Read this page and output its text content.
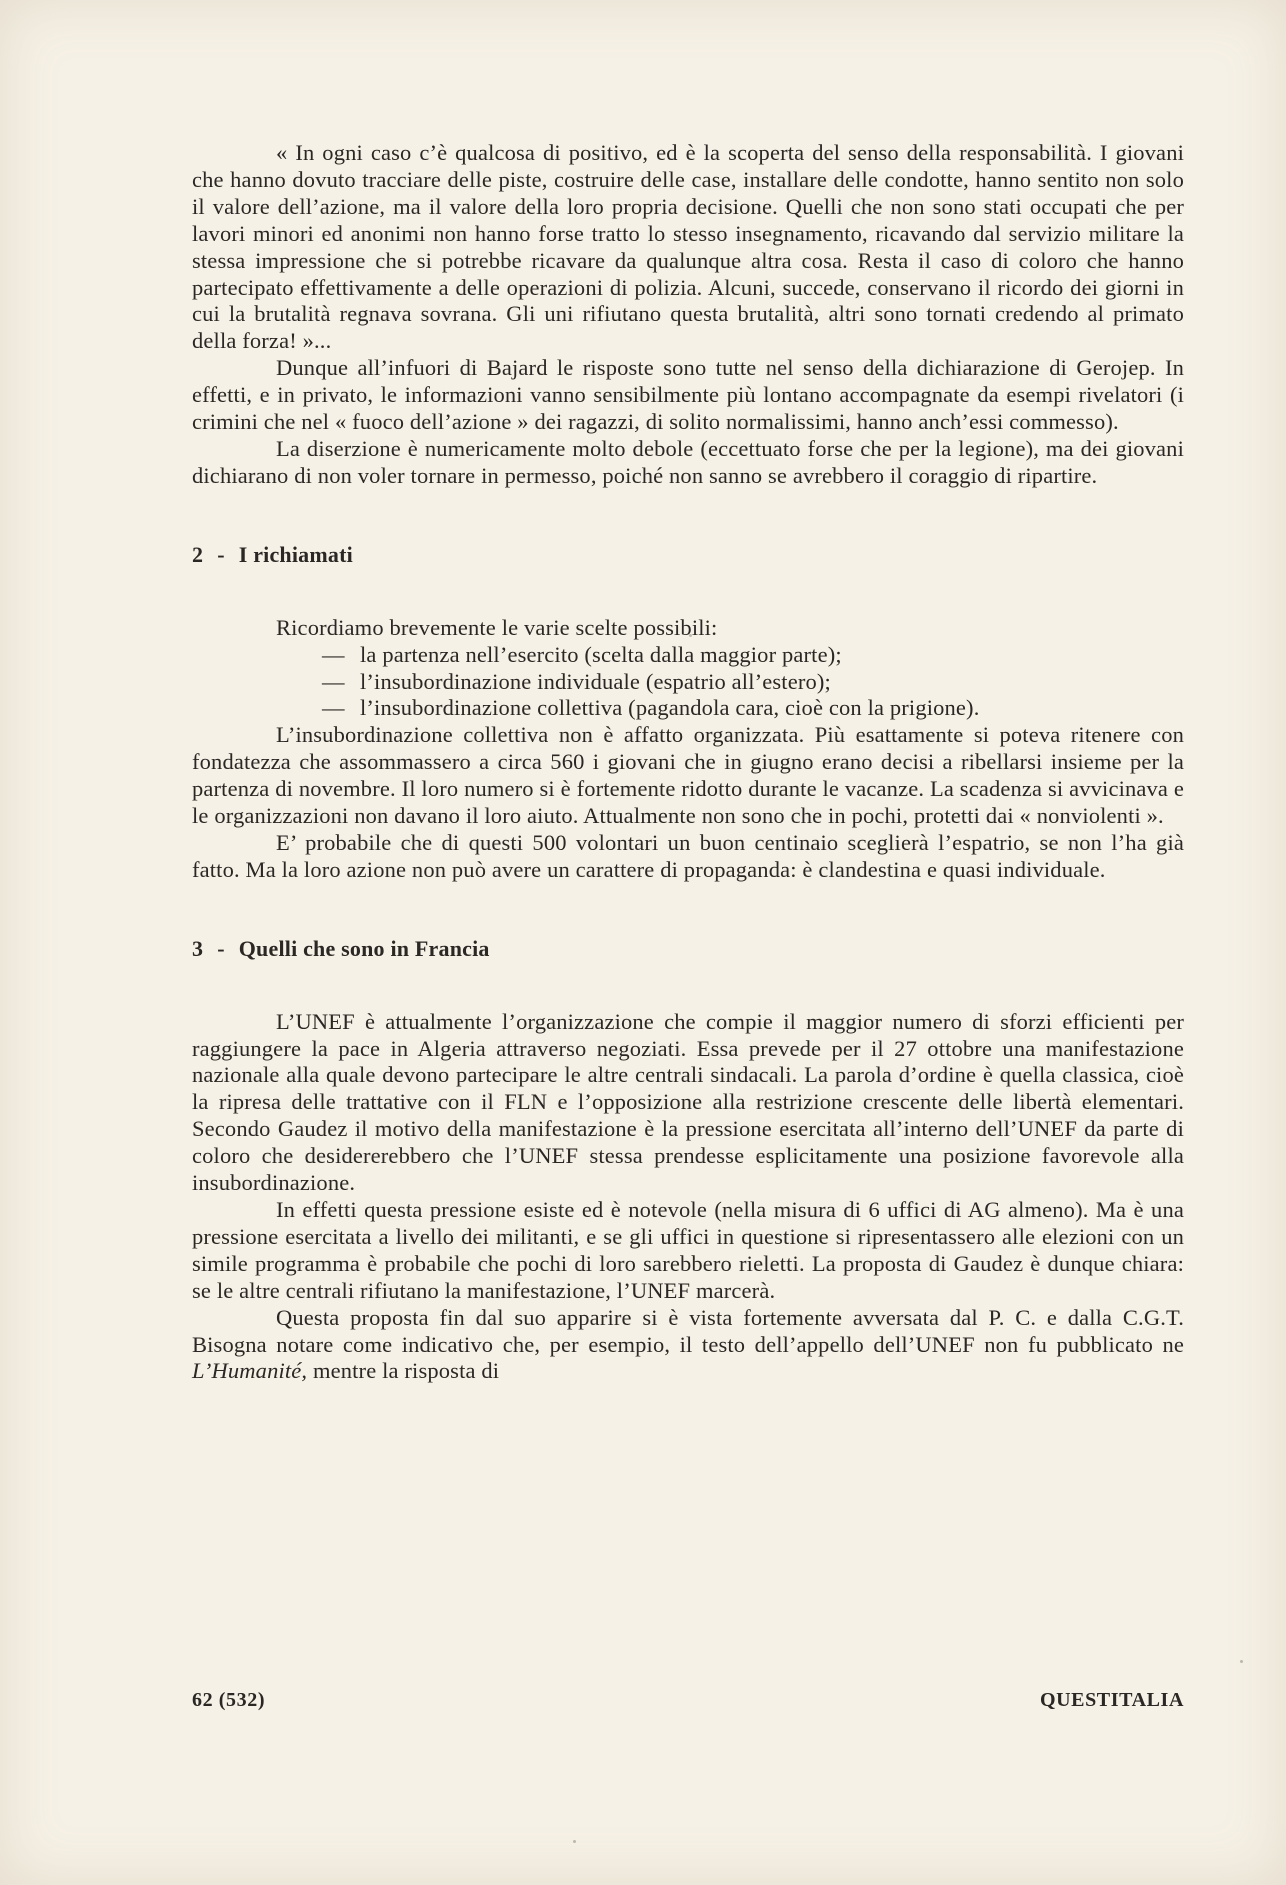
« In ogni caso c’è qualcosa di positivo, ed è la scoperta del senso della responsabilità. I giovani che hanno dovuto tracciare delle piste, costruire delle case, installare delle condotte, hanno sentito non solo il valore dell’azione, ma il valore della loro propria decisione. Quelli che non sono stati occupati che per lavori minori ed anonimi non hanno forse tratto lo stesso insegnamento, ricavando dal servizio militare la stessa impressione che si potrebbe ricavare da qualunque altra cosa. Resta il caso di coloro che hanno partecipato effettivamente a delle operazioni di polizia. Alcuni, succede, conservano il ricordo dei giorni in cui la brutalità regnava sovrana. Gli uni rifiutano questa brutalità, altri sono tornati credendo al primato della forza! »...

Dunque all’infuori di Bajard le risposte sono tutte nel senso della dichiarazione di Gerojep. In effetti, e in privato, le informazioni vanno sensibilmente più lontano accompagnate da esempi rivelatori (i crimini che nel « fuoco dell’azione » dei ragazzi, di solito normalissimi, hanno anch’essi commesso).

La diserzione è numericamente molto debole (eccettuato forse che per la legione), ma dei giovani dichiarano di non voler tornare in permesso, poiché non sanno se avrebbero il coraggio di ripartire.

2 - I richiamati

Ricordiamo brevemente le varie scelte possibili:

— la partenza nell’esercito (scelta dalla maggior parte);

— l’insubordinazione individuale (espatrio all’estero);

— l’insubordinazione collettiva (pagandola cara, cioè con la prigione).

L’insubordinazione collettiva non è affatto organizzata. Più esattamente si poteva ritenere con fondatezza che assommassero a circa 560 i giovani che in giugno erano decisi a ribellarsi insieme per la partenza di novembre. Il loro numero si è fortemente ridotto durante le vacanze. La scadenza si avvicinava e le organizzazioni non davano il loro aiuto. Attualmente non sono che in pochi, protetti dai « nonviolenti ».

E’ probabile che di questi 500 volontari un buon centinaio sceglierà l’espatrio, se non l’ha già fatto. Ma la loro azione non può avere un carattere di propaganda: è clandestina e quasi individuale.

3 - Quelli che sono in Francia

L’UNEF è attualmente l’organizzazione che compie il maggior numero di sforzi efficienti per raggiungere la pace in Algeria attraverso negoziati. Essa prevede per il 27 ottobre una manifestazione nazionale alla quale devono partecipare le altre centrali sindacali. La parola d’ordine è quella classica, cioè la ripresa delle trattative con il FLN e l’opposizione alla restrizione crescente delle libertà elementari. Secondo Gaudez il motivo della manifestazione è la pressione esercitata all’interno dell’UNEF da parte di coloro che desidererebbero che l’UNEF stessa prendesse esplicitamente una posizione favorevole alla insubordinazione.

In effetti questa pressione esiste ed è notevole (nella misura di 6 uffici di AG almeno). Ma è una pressione esercitata a livello dei militanti, e se gli uffici in questione si ripresentassero alle elezioni con un simile programma è probabile che pochi di loro sarebbero rieletti. La proposta di Gaudez è dunque chiara: se le altre centrali rifiutano la manifestazione, l’UNEF marcerà.

Questa proposta fin dal suo apparire si è vista fortemente avversata dal P. C. e dalla C.G.T. Bisogna notare come indicativo che, per esempio, il testo dell’appello dell’UNEF non fu pubblicato ne L’Humanité, mentre la risposta di

62 (532)	QUESTITALIA
